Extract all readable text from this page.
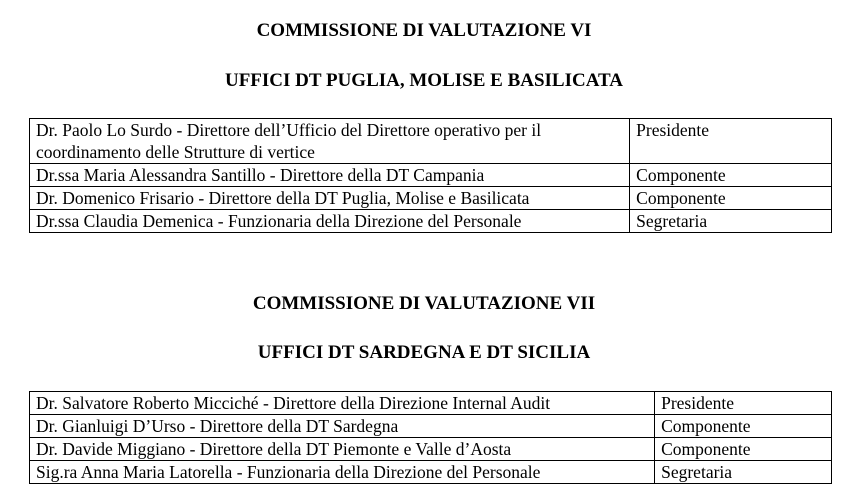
COMMISSIONE DI VALUTAZIONE VI
UFFICI DT PUGLIA, MOLISE E BASILICATA
Dr. Paolo Lo Surdo - Direttore dell’Ufficio del Direttore operativo per il coordinamento delle Strutture di vertice	Presidente
Dr.ssa Maria Alessandra Santillo - Direttore della DT Campania	Componente
Dr. Domenico Frisario - Direttore della DT Puglia, Molise e Basilicata	Componente
Dr.ssa Claudia Demenica - Funzionaria della Direzione del Personale	Segretaria
COMMISSIONE DI VALUTAZIONE VII
UFFICI DT SARDEGNA E DT SICILIA
Dr. Salvatore Roberto Micciché - Direttore della Direzione Internal Audit	Presidente
Dr. Gianluigi D’Urso - Direttore della DT Sardegna	Componente
Dr. Davide Miggiano - Direttore della DT Piemonte e Valle d’Aosta	Componente
Sig.ra Anna Maria Latorella - Funzionaria della Direzione del Personale	Segretaria
